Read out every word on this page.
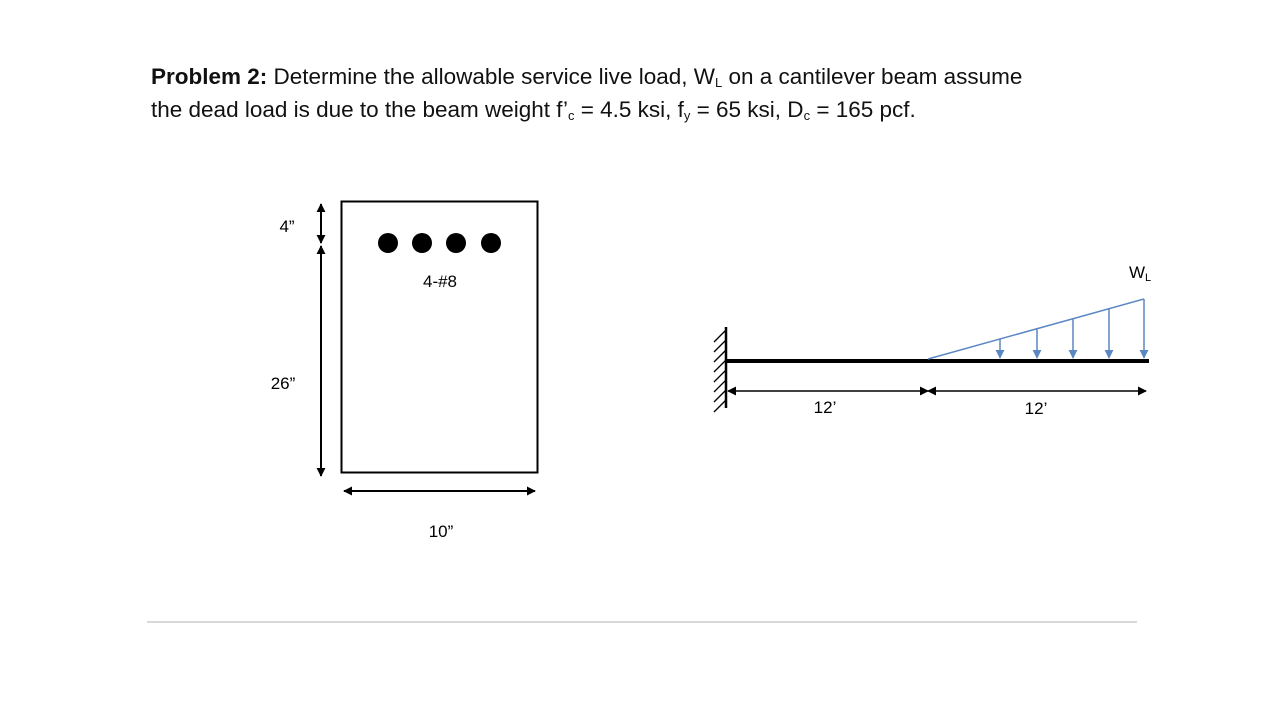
Problem 2: Determine the allowable service live load, $W_L$ on a cantilever beam assume
the dead load is due to the beam weight $f’_c = 4.5$ ksi, $f_y = 65$ ksi, $D_c = 165$ pcf.
4-#8
4”
26”
10”
WL
12’	12’
